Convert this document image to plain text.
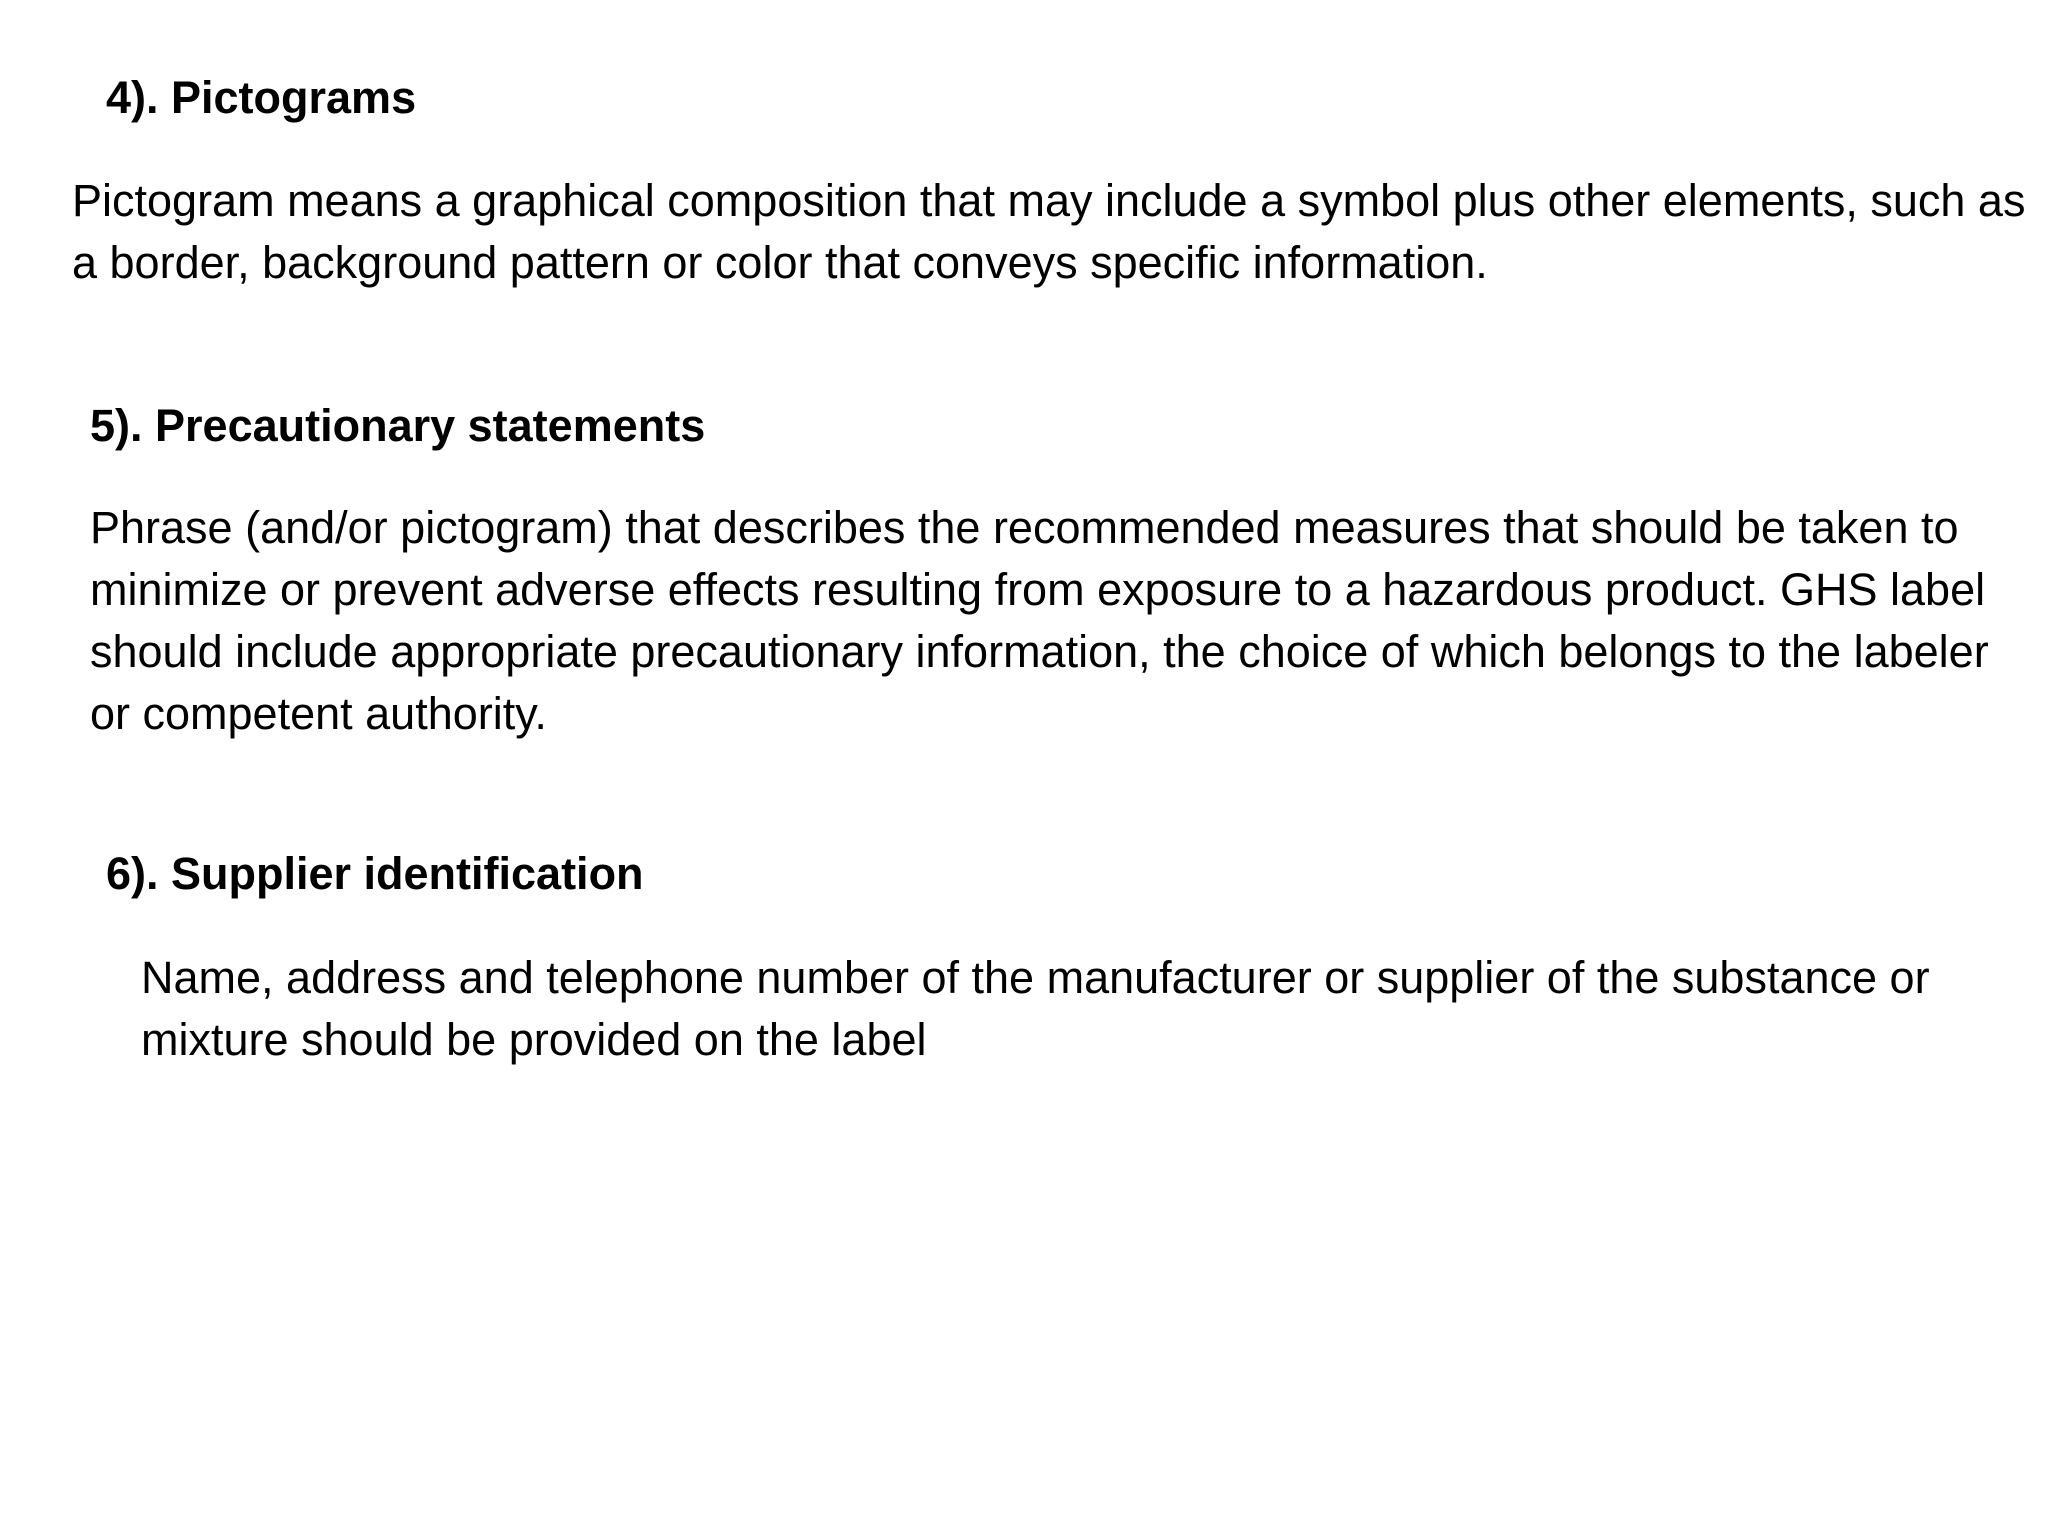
4). Pictograms

Pictogram means a graphical composition that may include a symbol plus other elements, such as a border, background pattern or color that conveys specific information.

5). Precautionary statements

Phrase (and/or pictogram) that describes the recommended measures that should be taken to minimize or prevent adverse effects resulting from exposure to a hazardous product. GHS label should include appropriate precautionary information, the choice of which belongs to the labeler or competent authority.

6). Supplier identification

Name, address and telephone number of the manufacturer or supplier of the substance or mixture should be provided on the label
